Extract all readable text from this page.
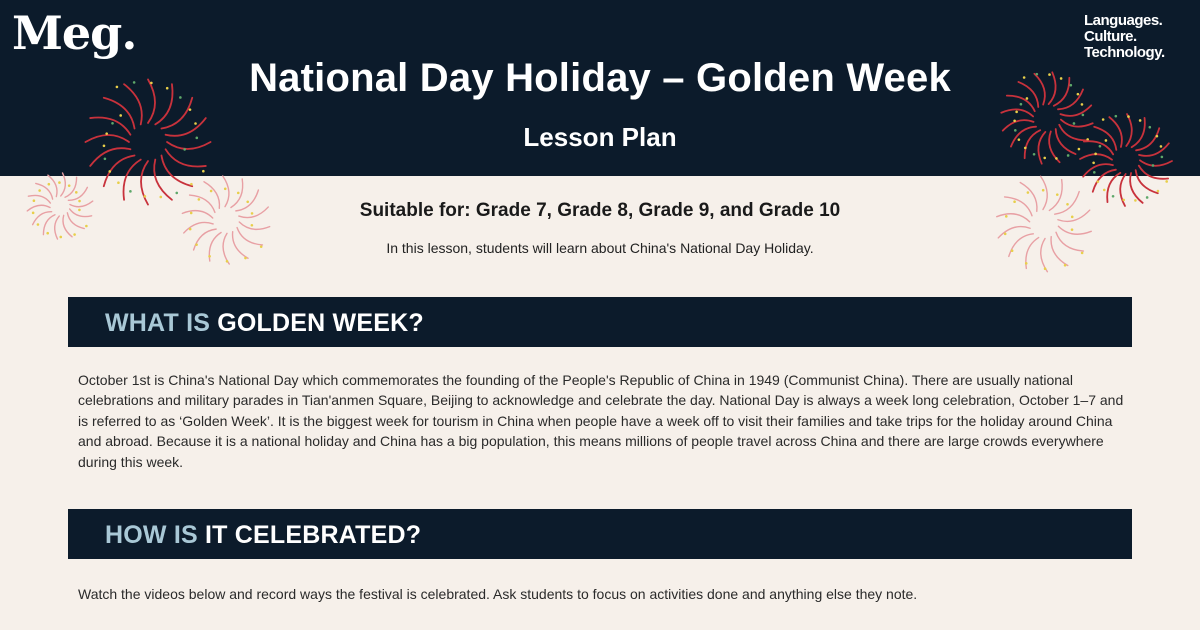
Meg.	Languages.
Culture.
Technology.
National Day Holiday – Golden Week
Lesson Plan
Suitable for: Grade 7, Grade 8, Grade 9, and Grade 10
In this lesson, students will learn about China's National Day Holiday.
WHAT IS GOLDEN WEEK?
October 1st is China's National Day which commemorates the founding of the People's Republic of China in 1949 (Communist China). There are usually national celebrations and military parades in Tian'anmen Square, Beijing to acknowledge and celebrate the day. National Day is always a week long celebration, October 1–7 and is referred to as ‘Golden Week’. It is the biggest week for tourism in China when people have a week off to visit their families and take trips for the holiday around China and abroad. Because it is a national holiday and China has a big population, this means millions of people travel across China and there are large crowds everywhere during this week.
HOW IS IT CELEBRATED?
Watch the videos below and record ways the festival is celebrated. Ask students to focus on activities done and anything else they note.
